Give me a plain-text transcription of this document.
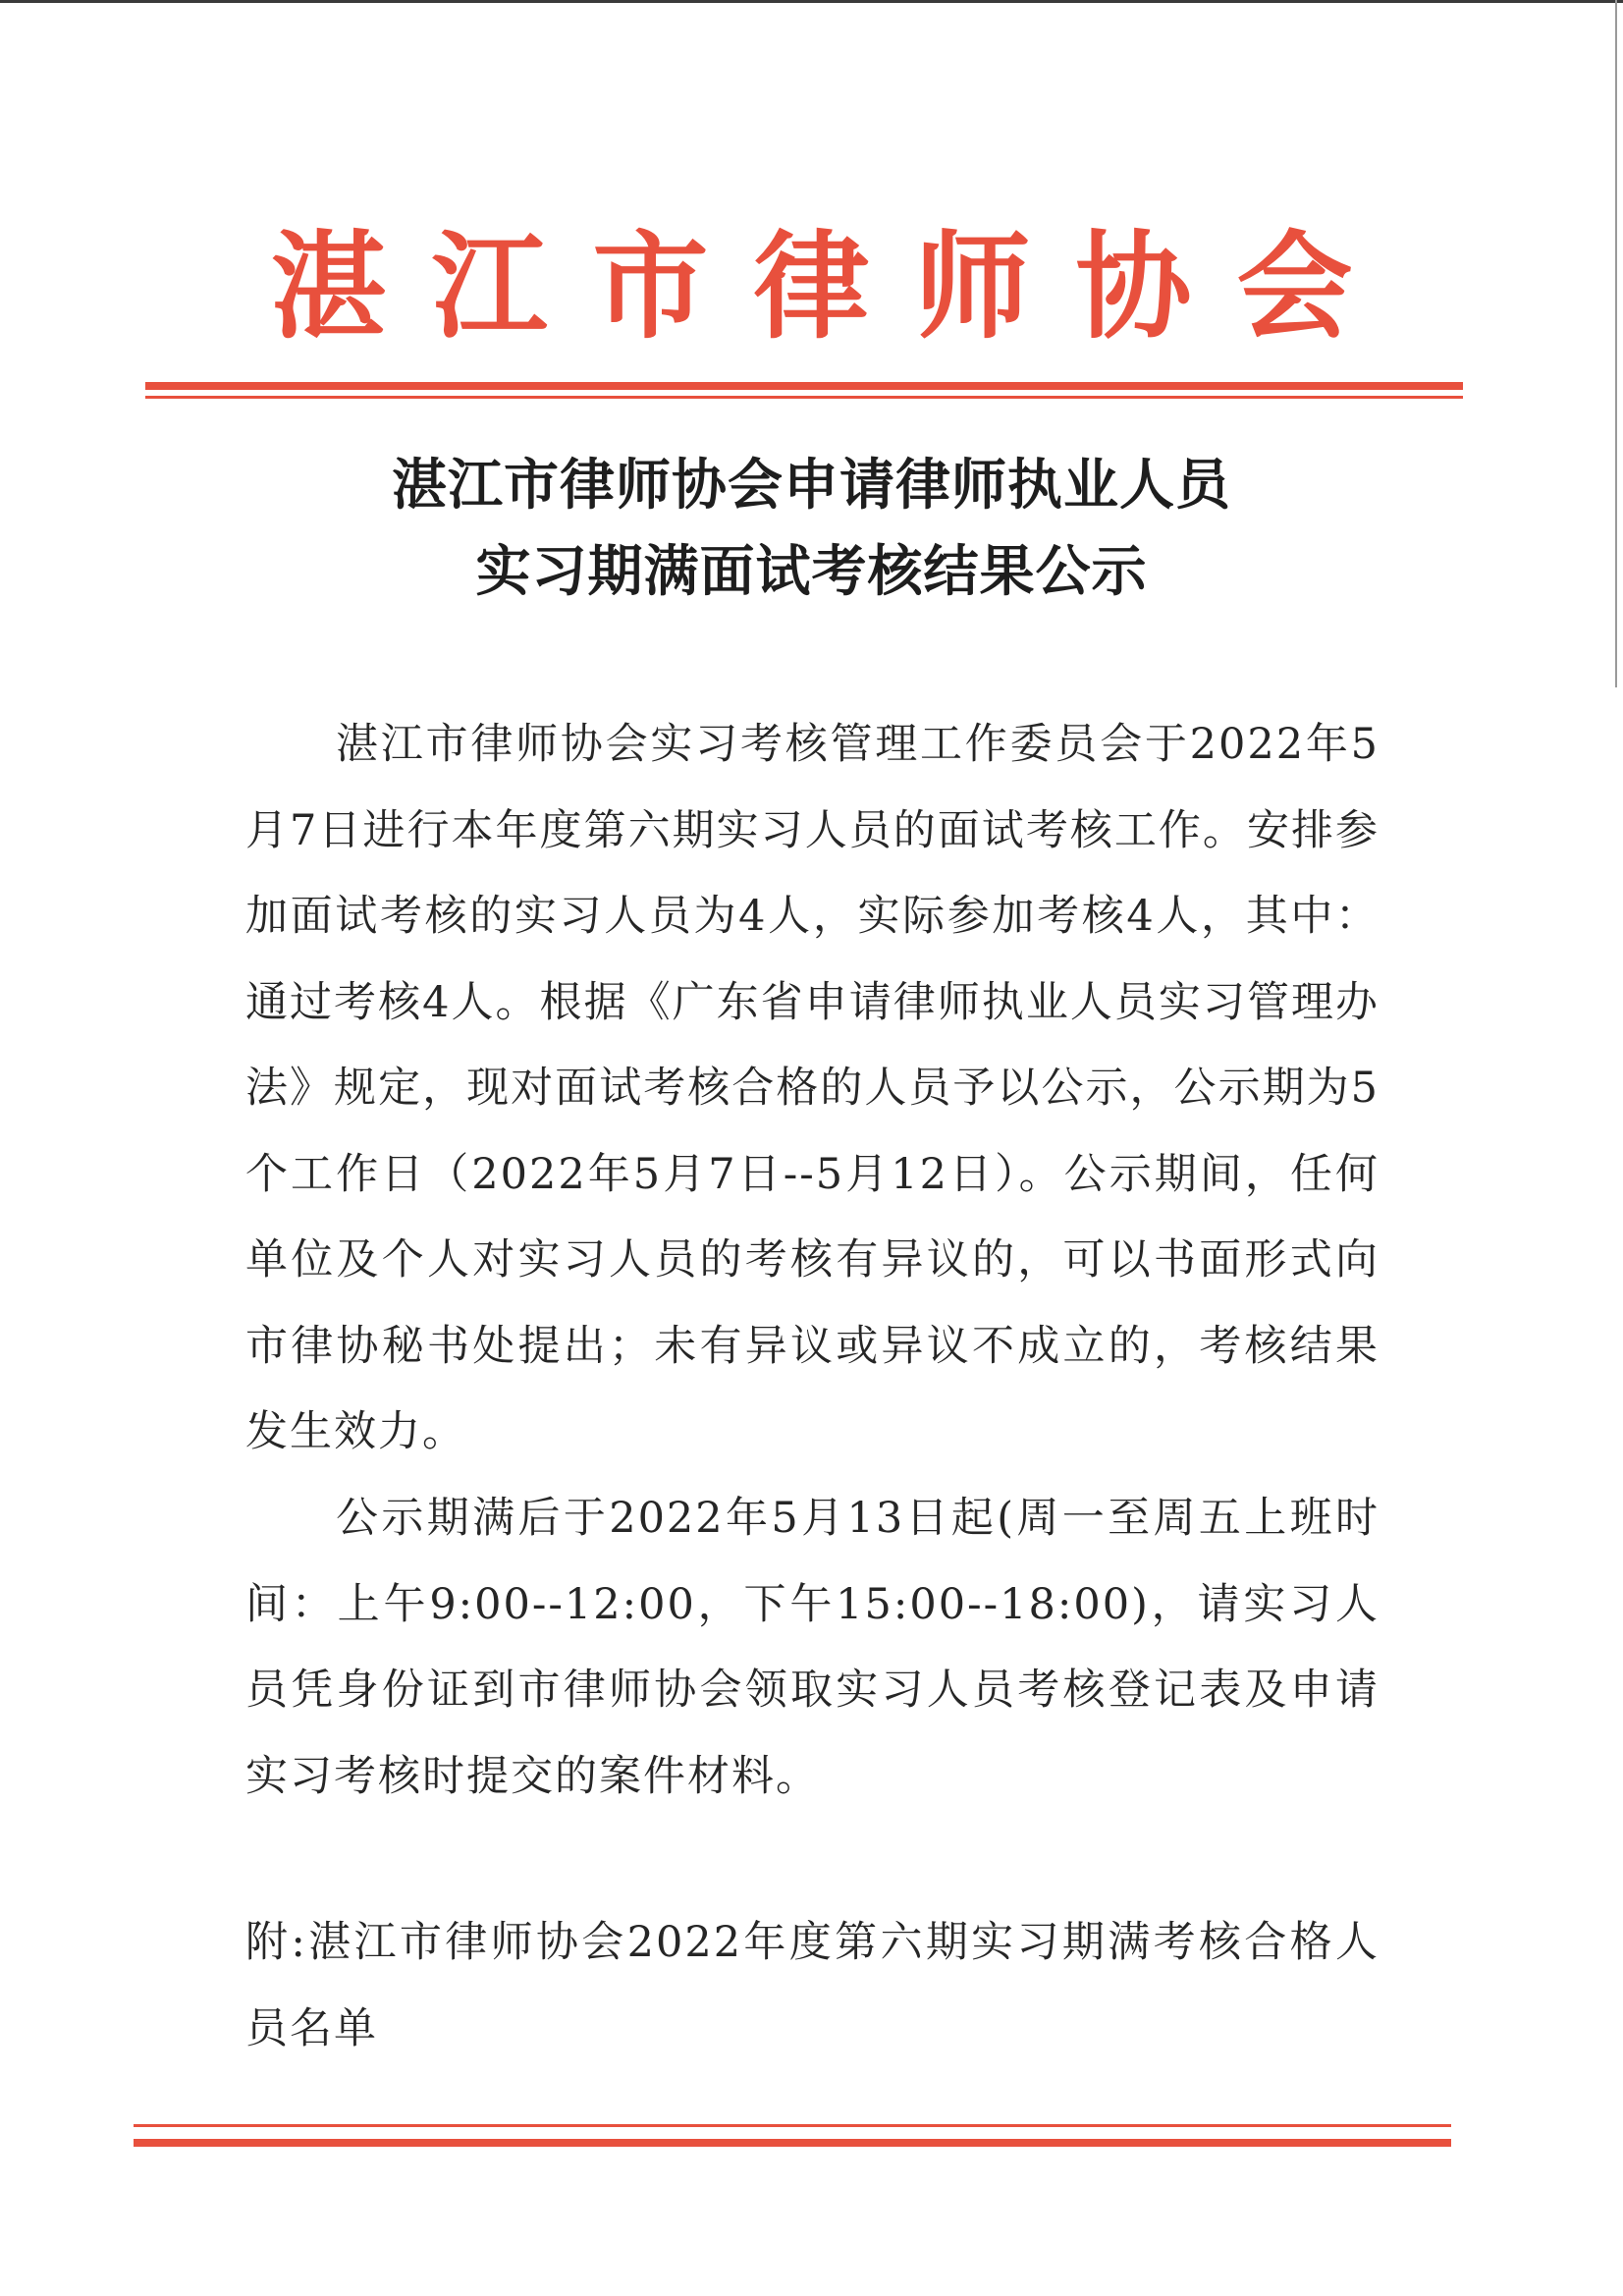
湛江市律师协会
湛江市律师协会申请律师执业人员
实习期满面试考核结果公示
湛江市律师协会实习考核管理工作委员会于2022年5月7日进行本年度第六期实习人员的面试考核工作。安排参加面试考核的实习人员为4人，实际参加考核4人，其中：通过考核4人。根据《广东省申请律师执业人员实习管理办法》规定，现对面试考核合格的人员予以公示，公示期为5个工作日（2022年5月7日--5月12日）。公示期间，任何单位及个人对实习人员的考核有异议的，可以书面形式向市律协秘书处提出；未有异议或异议不成立的，考核结果发生效力。
公示期满后于2022年5月13日起(周一至周五上班时间：上午9:00--12:00，下午15:00--18:00)，请实习人员凭身份证到市律师协会领取实习人员考核登记表及申请实习考核时提交的案件材料。
附:湛江市律师协会2022年度第六期实习期满考核合格人员名单
